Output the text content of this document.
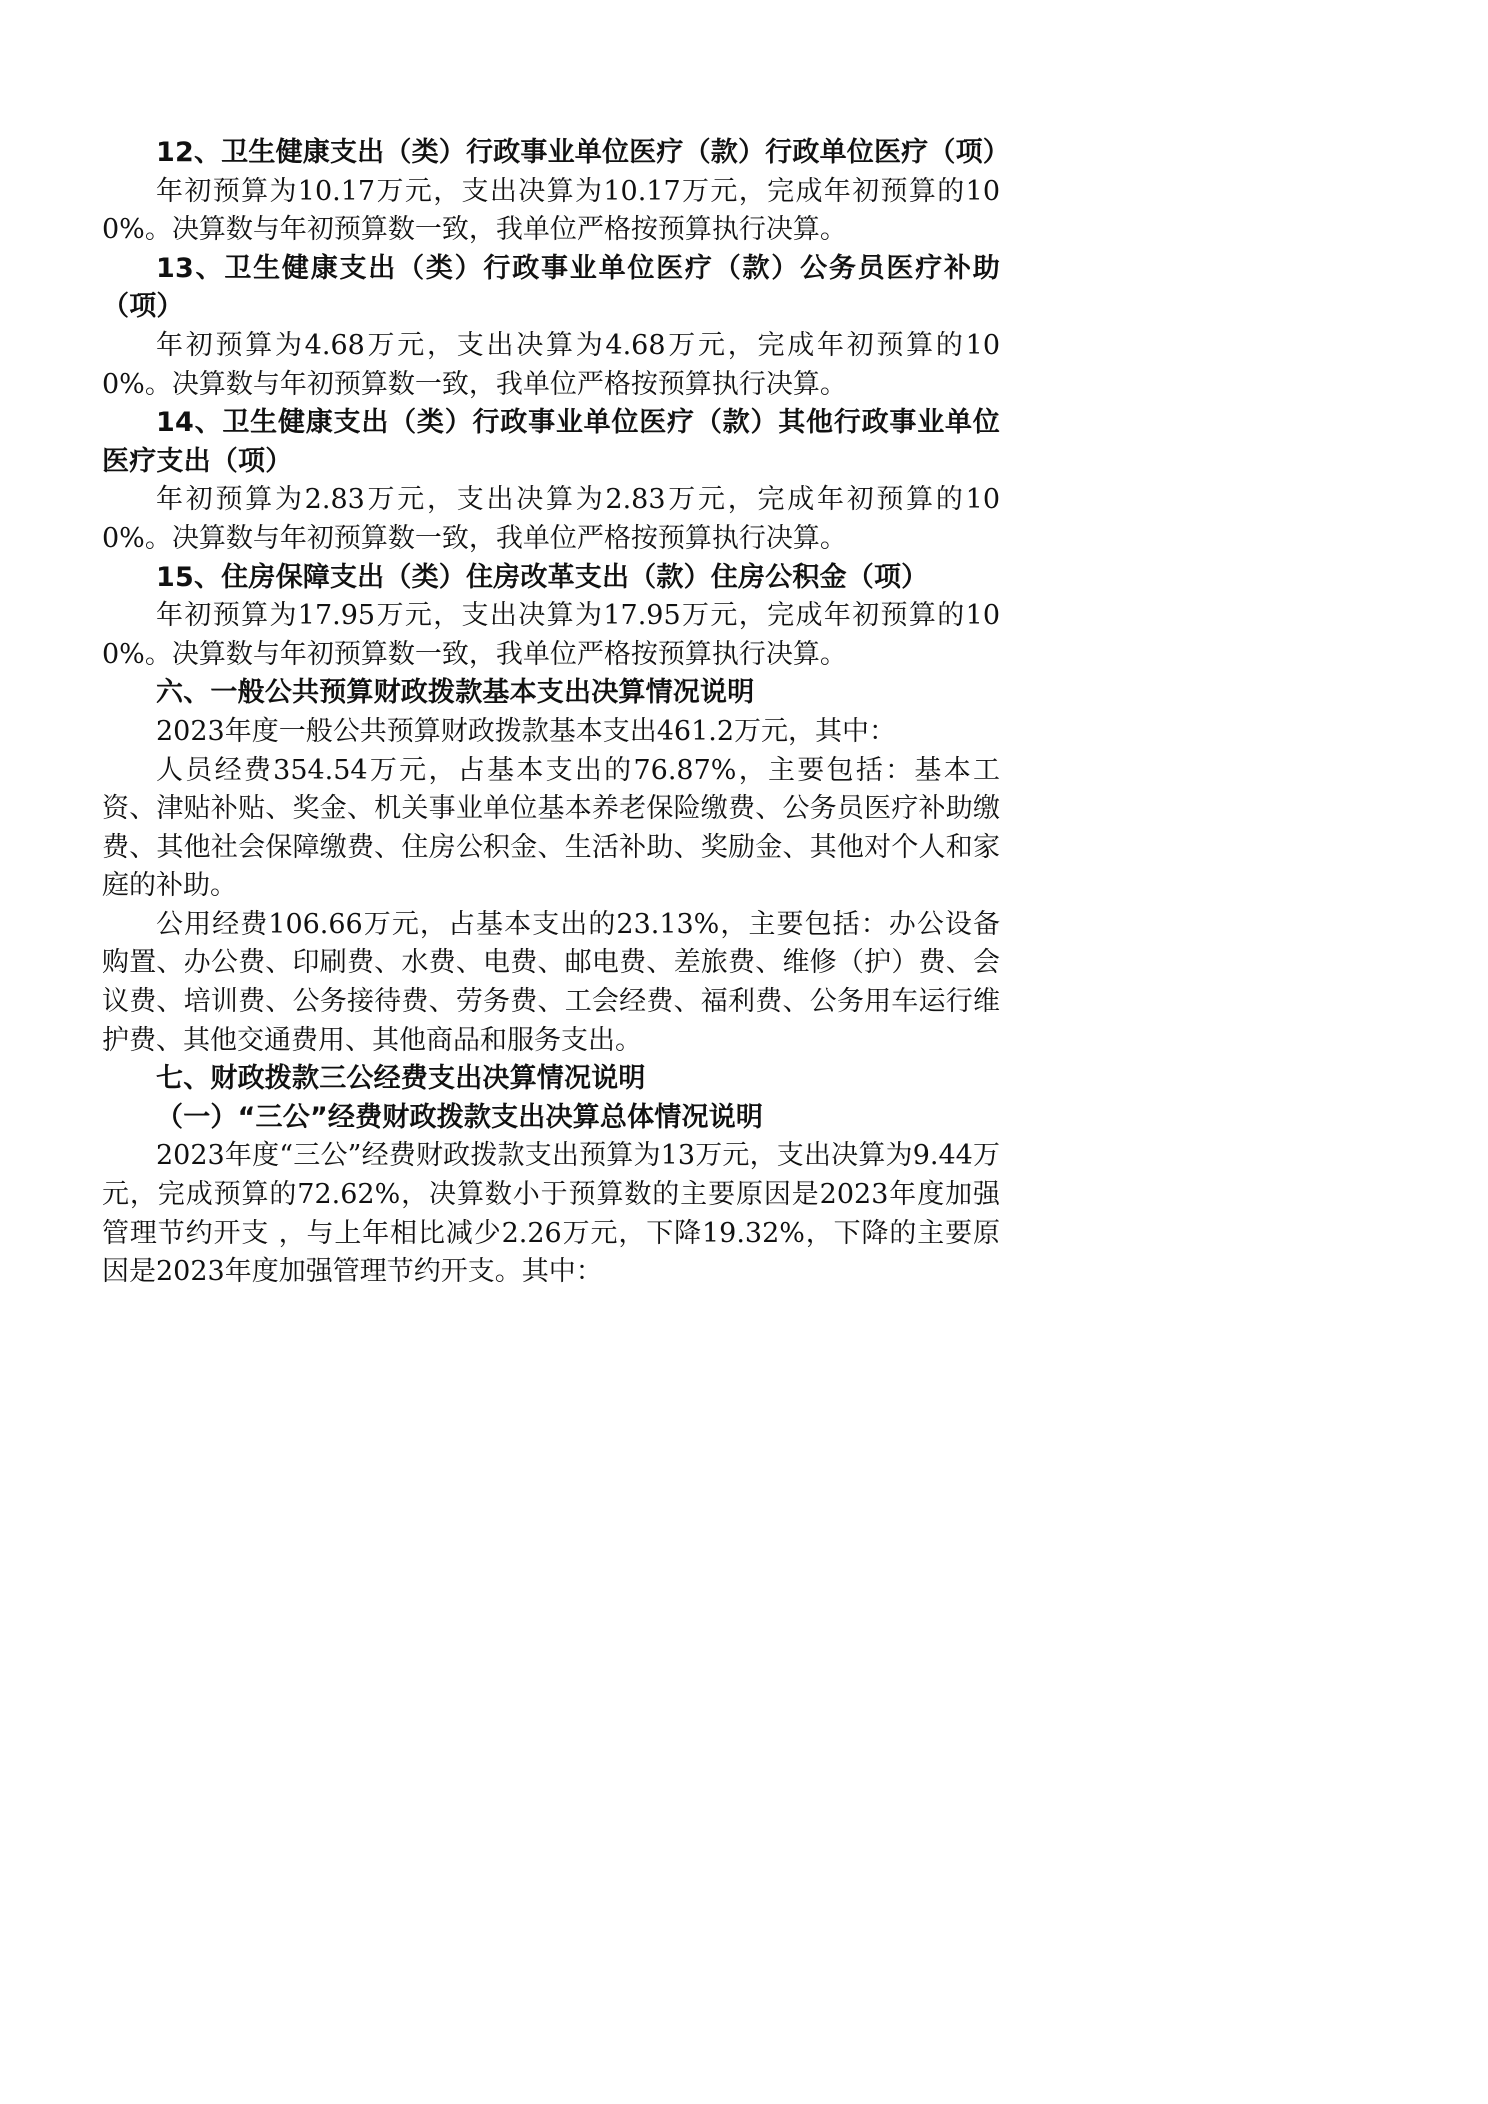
12、卫生健康支出（类）行政事业单位医疗（款）行政单位医疗（项）

年初预算为10.17万元，支出决算为10.17万元，完成年初预算的100%。决算数与年初预算数一致，我单位严格按预算执行决算。

13、卫生健康支出（类）行政事业单位医疗（款）公务员医疗补助（项）

年初预算为4.68万元，支出决算为4.68万元，完成年初预算的100%。决算数与年初预算数一致，我单位严格按预算执行决算。

14、卫生健康支出（类）行政事业单位医疗（款）其他行政事业单位医疗支出（项）

年初预算为2.83万元，支出决算为2.83万元，完成年初预算的100%。决算数与年初预算数一致，我单位严格按预算执行决算。

15、住房保障支出（类）住房改革支出（款）住房公积金（项）

年初预算为17.95万元，支出决算为17.95万元，完成年初预算的100%。决算数与年初预算数一致，我单位严格按预算执行决算。

六、一般公共预算财政拨款基本支出决算情况说明

2023年度一般公共预算财政拨款基本支出461.2万元，其中：

人员经费354.54万元，占基本支出的76.87%，主要包括：基本工资、津贴补贴、奖金、机关事业单位基本养老保险缴费、公务员医疗补助缴费、其他社会保障缴费、住房公积金、生活补助、奖励金、其他对个人和家庭的补助。

公用经费106.66万元，占基本支出的23.13%，主要包括：办公设备购置、办公费、印刷费、水费、电费、邮电费、差旅费、维修（护）费、会议费、培训费、公务接待费、劳务费、工会经费、福利费、公务用车运行维护费、其他交通费用、其他商品和服务支出。

七、财政拨款三公经费支出决算情况说明

（一）“三公”经费财政拨款支出决算总体情况说明

2023年度“三公”经费财政拨款支出预算为13万元，支出决算为9.44万元，完成预算的72.62%，决算数小于预算数的主要原因是2023年度加强管理节约开支 ，与上年相比减少2.26万元，下降19.32%，下降的主要原因是2023年度加强管理节约开支。其中：
